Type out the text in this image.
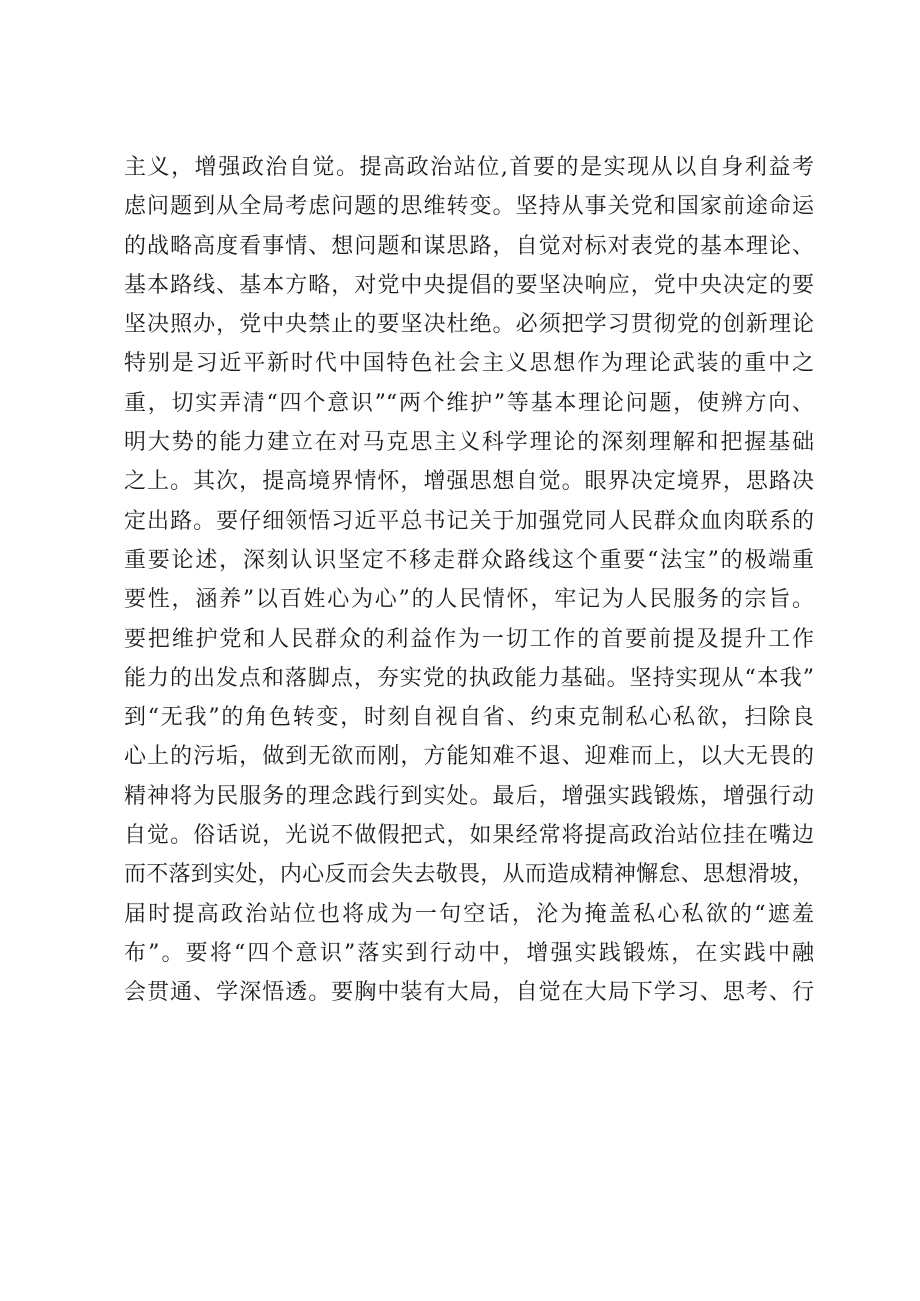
主义，增强政治自觉。提高政治站位,首要的是实现从以自身利益考
虑问题到从全局考虑问题的思维转变。坚持从事关党和国家前途命运
的战略高度看事情、想问题和谋思路，自觉对标对表党的基本理论、
基本路线、基本方略，对党中央提倡的要坚决响应，党中央决定的要
坚决照办，党中央禁止的要坚决杜绝。必须把学习贯彻党的创新理论
特别是习近平新时代中国特色社会主义思想作为理论武装的重中之
重，切实弄清“四个意识”“两个维护”等基本理论问题，使辨方向、
明大势的能力建立在对马克思主义科学理论的深刻理解和把握基础
之上。其次，提高境界情怀，增强思想自觉。眼界决定境界，思路决
定出路。要仔细领悟习近平总书记关于加强党同人民群众血肉联系的
重要论述，深刻认识坚定不移走群众路线这个重要“法宝”的极端重
要性，涵养”以百姓心为心”的人民情怀，牢记为人民服务的宗旨。
要把维护党和人民群众的利益作为一切工作的首要前提及提升工作
能力的出发点和落脚点，夯实党的执政能力基础。坚持实现从“本我”
到“无我”的角色转变，时刻自视自省、约束克制私心私欲，扫除良
心上的污垢，做到无欲而刚，方能知难不退、迎难而上，以大无畏的
精神将为民服务的理念践行到实处。最后，增强实践锻炼，增强行动
自觉。俗话说，光说不做假把式，如果经常将提高政治站位挂在嘴边
而不落到实处，内心反而会失去敬畏，从而造成精神懈怠、思想滑坡，
届时提高政治站位也将成为一句空话，沦为掩盖私心私欲的“遮羞
布”。要将“四个意识”落实到行动中，增强实践锻炼，在实践中融
会贯通、学深悟透。要胸中装有大局，自觉在大局下学习、思考、行
